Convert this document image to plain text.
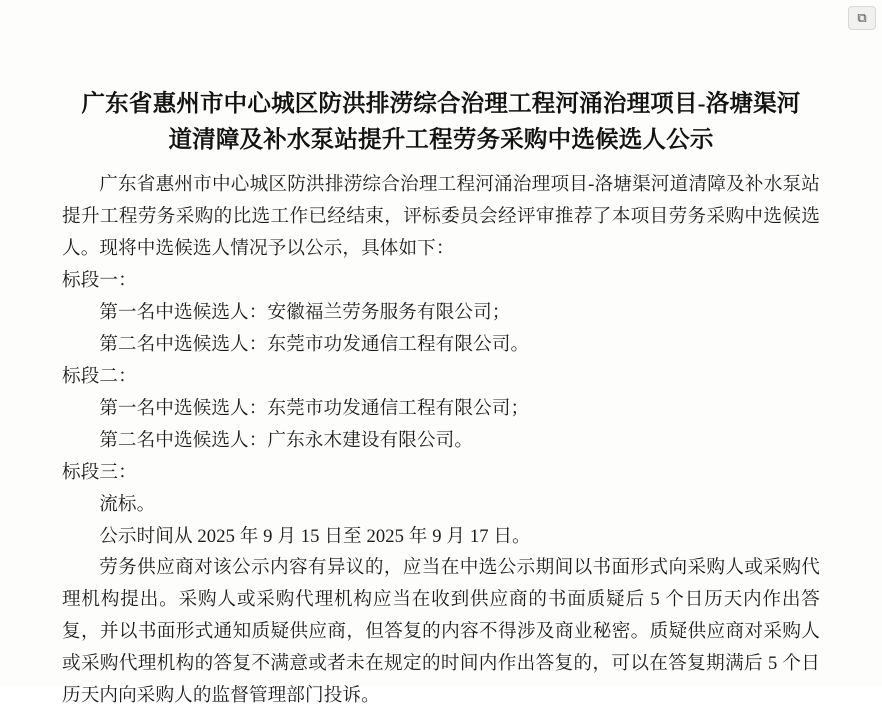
⧉
广东省惠州市中心城区防洪排涝综合治理工程河涌治理项目-洛塘渠河
道清障及补水泵站提升工程劳务采购中选候选人公示

广东省惠州市中心城区防洪排涝综合治理工程河涌治理项目-洛塘渠河道清障及补水泵站提升工程劳务采购的比选工作已经结束，评标委员会经评审推荐了本项目劳务采购中选候选人。现将中选候选人情况予以公示，具体如下：

标段一：

第一名中选候选人：安徽福兰劳务服务有限公司；

第二名中选候选人：东莞市功发通信工程有限公司。

标段二：

第一名中选候选人：东莞市功发通信工程有限公司；

第二名中选候选人：广东永木建设有限公司。

标段三：

流标。

公示时间从 2025 年 9 月 15 日至 2025 年 9 月 17 日。

劳务供应商对该公示内容有异议的，应当在中选公示期间以书面形式向采购人或采购代理机构提出。采购人或采购代理机构应当在收到供应商的书面质疑后 5 个日历天内作出答复，并以书面形式通知质疑供应商，但答复的内容不得涉及商业秘密。质疑供应商对采购人或采购代理机构的答复不满意或者未在规定的时间内作出答复的，可以在答复期满后 5 个日历天内向采购人的监督管理部门投诉。
